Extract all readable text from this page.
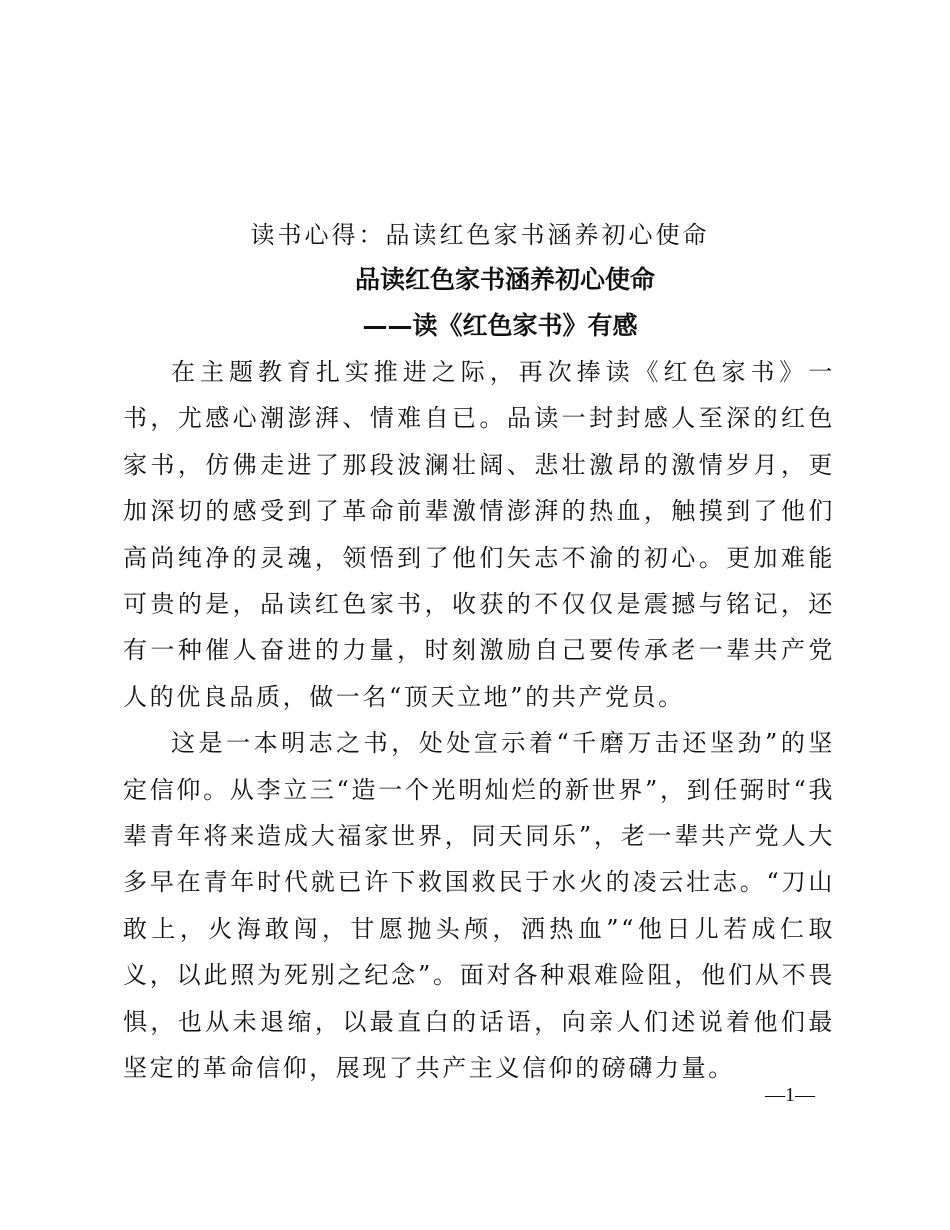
读书心得：品读红色家书涵养初心使命
品读红色家书涵养初心使命
——读《红色家书》有感

在主题教育扎实推进之际，再次捧读《红色家书》一书，尤感心潮澎湃、情难自已。品读一封封感人至深的红色家书，仿佛走进了那段波澜壮阔、悲壮激昂的激情岁月，更加深切的感受到了革命前辈激情澎湃的热血，触摸到了他们高尚纯净的灵魂，领悟到了他们矢志不渝的初心。更加难能可贵的是，品读红色家书，收获的不仅仅是震撼与铭记，还有一种催人奋进的力量，时刻激励自己要传承老一辈共产党人的优良品质，做一名“顶天立地”的共产党员。

这是一本明志之书，处处宣示着“千磨万击还坚劲”的坚定信仰。从李立三“造一个光明灿烂的新世界”，到任弼时“我辈青年将来造成大福家世界，同天同乐”，老一辈共产党人大多早在青年时代就已许下救国救民于水火的凌云壮志。“刀山敢上，火海敢闯，甘愿抛头颅，洒热血”“他日儿若成仁取义，以此照为死别之纪念”。面对各种艰难险阻，他们从不畏惧，也从未退缩，以最直白的话语，向亲人们述说着他们最坚定的革命信仰，展现了共产主义信仰的磅礴力量。

—1—
